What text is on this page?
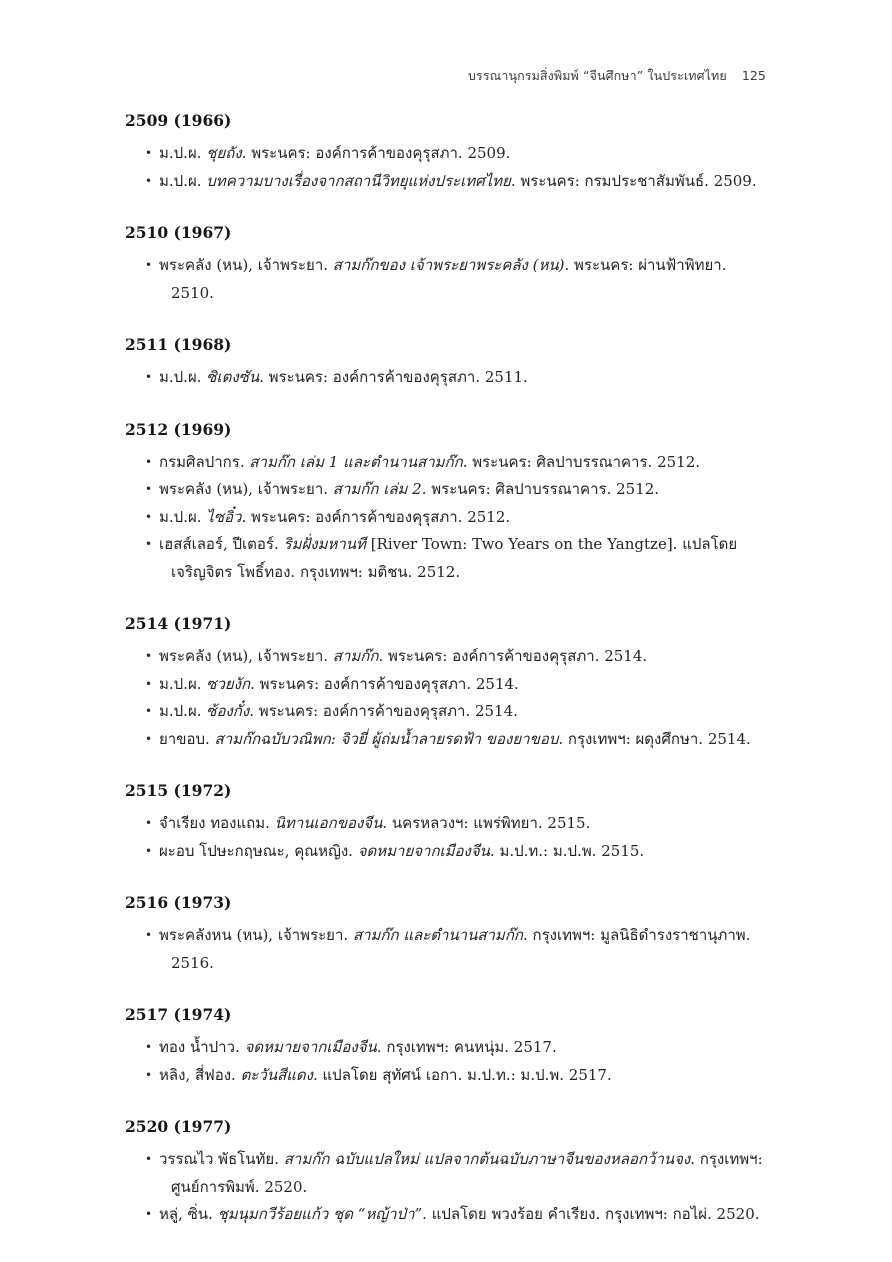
บรรณานุกรมสิ่งพิมพ์ “จีนศึกษา” ในประเทศไทย 125
2509 (1966)
• ม.ป.ผ. ชุยถัง. พระนคร: องค์การค้าของคุรุสภา. 2509.
• ม.ป.ผ. บทความบางเรื่องจากสถานีวิทยุแห่งประเทศไทย. พระนคร: กรมประชาสัมพันธ์. 2509.
2510 (1967)
• พระคลัง (หน), เจ้าพระยา. สามก๊กของ เจ้าพระยาพระคลัง (หน). พระนคร: ผ่านฟ้าพิทยา. 2510.
2511 (1968)
• ม.ป.ผ. ซิเตงซัน. พระนคร: องค์การค้าของคุรุสภา. 2511.
2512 (1969)
• กรมศิลปากร. สามก๊ก เล่ม 1 และตำนานสามก๊ก. พระนคร: ศิลปาบรรณาคาร. 2512.
• พระคลัง (หน), เจ้าพระยา. สามก๊ก เล่ม 2. พระนคร: ศิลปาบรรณาคาร. 2512.
• ม.ป.ผ. ไซอิ๋ว. พระนคร: องค์การค้าของคุรุสภา. 2512.
• เฮสส์เลอร์, ปีเตอร์. ริมฝั่งมหานที [River Town: Two Years on the Yangtze]. แปลโดย เจริญจิตร โพธิ์ทอง. กรุงเทพฯ: มติชน. 2512.
2514 (1971)
• พระคลัง (หน), เจ้าพระยา. สามก๊ก. พระนคร: องค์การค้าของคุรุสภา. 2514.
• ม.ป.ผ. ซวยงัก. พระนคร: องค์การค้าของคุรุสภา. 2514.
• ม.ป.ผ. ซ้องกั๋ง. พระนคร: องค์การค้าของคุรุสภา. 2514.
• ยาขอบ. สามก๊กฉบับวณิพก: จิวยี่ ผู้ถ่มน้ำลายรดฟ้า ของยาขอบ. กรุงเทพฯ: ผดุงศึกษา. 2514.
2515 (1972)
• จำเรียง ทองแถม. นิทานเอกของจีน. นครหลวงฯ: แพร่พิทยา. 2515.
• ผะอบ โปษะกฤษณะ, คุณหญิง. จดหมายจากเมืองจีน. ม.ป.ท.: ม.ป.พ. 2515.
2516 (1973)
• พระคลังหน (หน), เจ้าพระยา. สามก๊ก และตำนานสามก๊ก. กรุงเทพฯ: มูลนิธิดำรงราชานุภาพ. 2516.
2517 (1974)
• ทอง น้ำปาว. จดหมายจากเมืองจีน. กรุงเทพฯ: คนหนุ่ม. 2517.
• หลิง, สี่ฟอง. ตะวันสีแดง. แปลโดย สุทัศน์ เอกา. ม.ป.ท.: ม.ป.พ. 2517.
2520 (1977)
• วรรณไว พัธโนทัย. สามก๊ก ฉบับแปลใหม่ แปลจากต้นฉบับภาษาจีนของหลอกว้านจง. กรุงเทพฯ: ศูนย์การพิมพ์. 2520.
• หลู่, ซิ่น. ชุมนุมกวีร้อยแก้ว ชุด “หญ้าป่า”. แปลโดย พวงร้อย คำเรียง. กรุงเทพฯ: กอไผ่. 2520.
